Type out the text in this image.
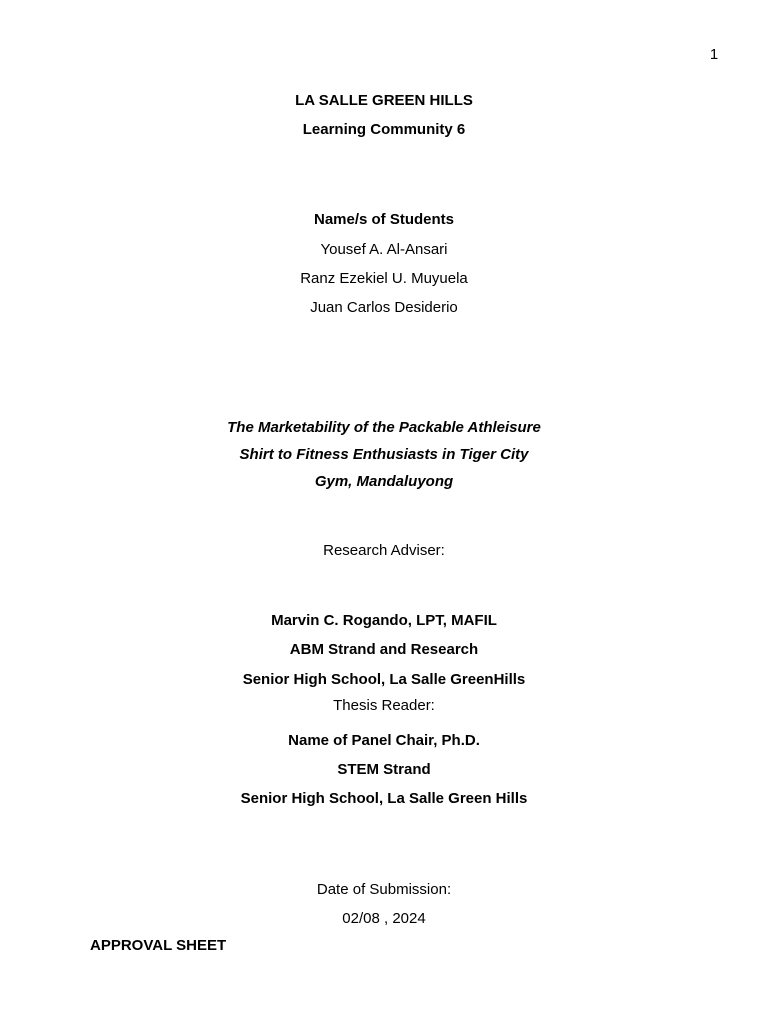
1
LA SALLE GREEN HILLS
Learning Community 6
Name/s of Students
Yousef A. Al-Ansari
Ranz Ezekiel U. Muyuela
Juan Carlos Desiderio
The Marketability of the Packable Athleisure
Shirt to Fitness Enthusiasts in Tiger City
Gym, Mandaluyong
Research Adviser:
Marvin C. Rogando, LPT, MAFIL
ABM Strand and Research
Senior High School, La Salle GreenHills
Thesis Reader:
Name of Panel Chair, Ph.D.
STEM Strand
Senior High School, La Salle Green Hills
Date of Submission:
02/08 , 2024
APPROVAL SHEET
